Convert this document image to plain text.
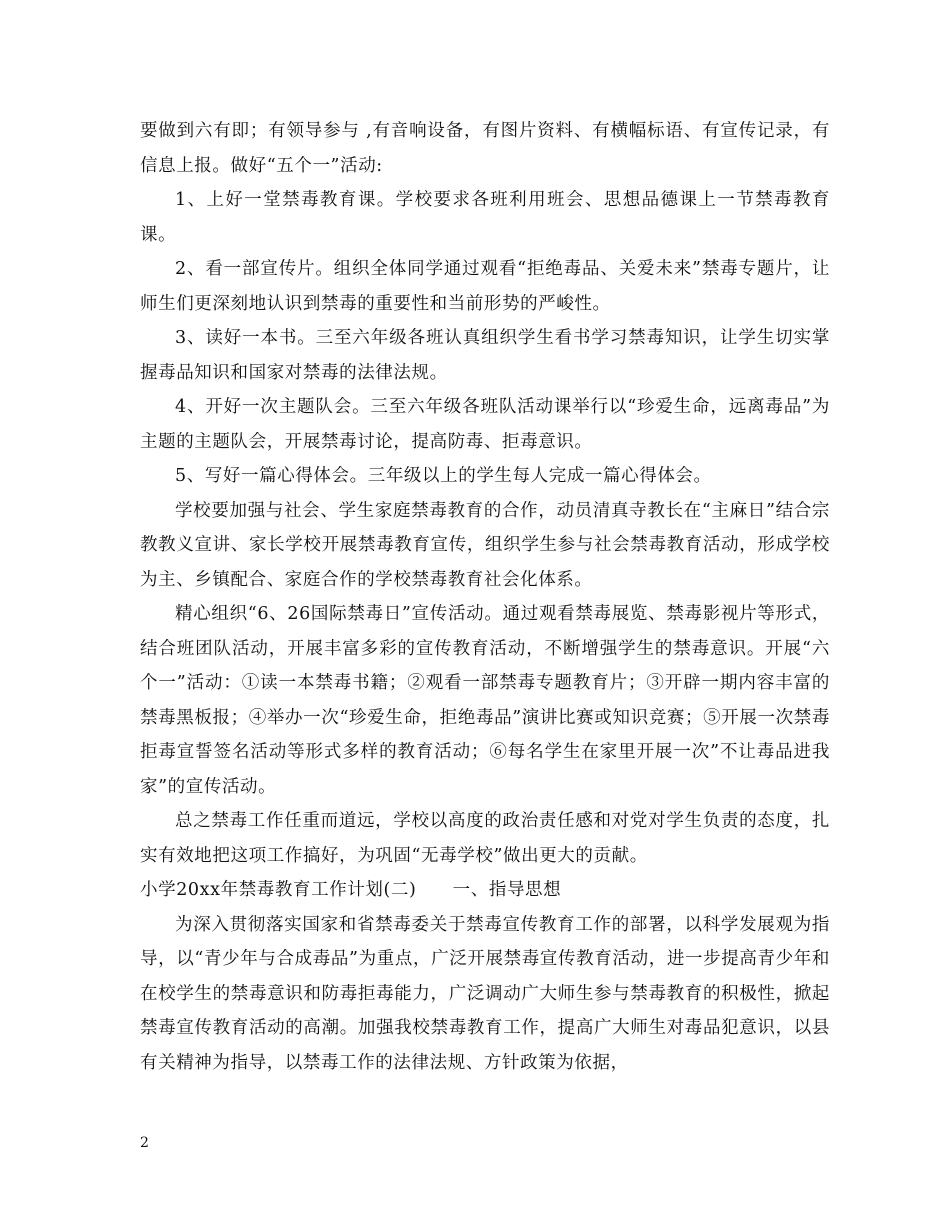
要做到六有即；有领导参与 ,有音响设备，有图片资料、有横幅标语、有宣传记录，有信息上报。做好“五个一”活动:

1、上好一堂禁毒教育课。学校要求各班利用班会、思想品德课上一节禁毒教育课。

2、看一部宣传片。组织全体同学通过观看“拒绝毒品、关爱未来”禁毒专题片，让师生们更深刻地认识到禁毒的重要性和当前形势的严峻性。

3、读好一本书。三至六年级各班认真组织学生看书学习禁毒知识，让学生切实掌握毒品知识和国家对禁毒的法律法规。

4、开好一次主题队会。三至六年级各班队活动课举行以“珍爱生命，远离毒品”为主题的主题队会，开展禁毒讨论，提高防毒、拒毒意识。

5、写好一篇心得体会。三年级以上的学生每人完成一篇心得体会。

学校要加强与社会、学生家庭禁毒教育的合作，动员清真寺教长在“主麻日”结合宗教教义宣讲、家长学校开展禁毒教育宣传，组织学生参与社会禁毒教育活动，形成学校为主、乡镇配合、家庭合作的学校禁毒教育社会化体系。

精心组织“6、26国际禁毒日”宣传活动。通过观看禁毒展览、禁毒影视片等形式，结合班团队活动，开展丰富多彩的宣传教育活动，不断增强学生的禁毒意识。开展“六个一”活动：①读一本禁毒书籍；②观看一部禁毒专题教育片；③开辟一期内容丰富的禁毒黑板报；④举办一次“珍爱生命，拒绝毒品”演讲比赛或知识竞赛；⑤开展一次禁毒拒毒宣誓签名活动等形式多样的教育活动；⑥每名学生在家里开展一次”不让毒品进我家”的宣传活动。

总之禁毒工作任重而道远，学校以高度的政治责任感和对党对学生负责的态度，扎实有效地把这项工作搞好，为巩固“无毒学校”做出更大的贡献。

小学20xx年禁毒教育工作计划(二)　　一、指导思想

为深入贯彻落实国家和省禁毒委关于禁毒宣传教育工作的部署，以科学发展观为指导，以“青少年与合成毒品”为重点，广泛开展禁毒宣传教育活动，进一步提高青少年和在校学生的禁毒意识和防毒拒毒能力，广泛调动广大师生参与禁毒教育的积极性，掀起禁毒宣传教育活动的高潮。加强我校禁毒教育工作，提高广大师生对毒品犯意识，以县有关精神为指导，以禁毒工作的法律法规、方针政策为依据，

2
